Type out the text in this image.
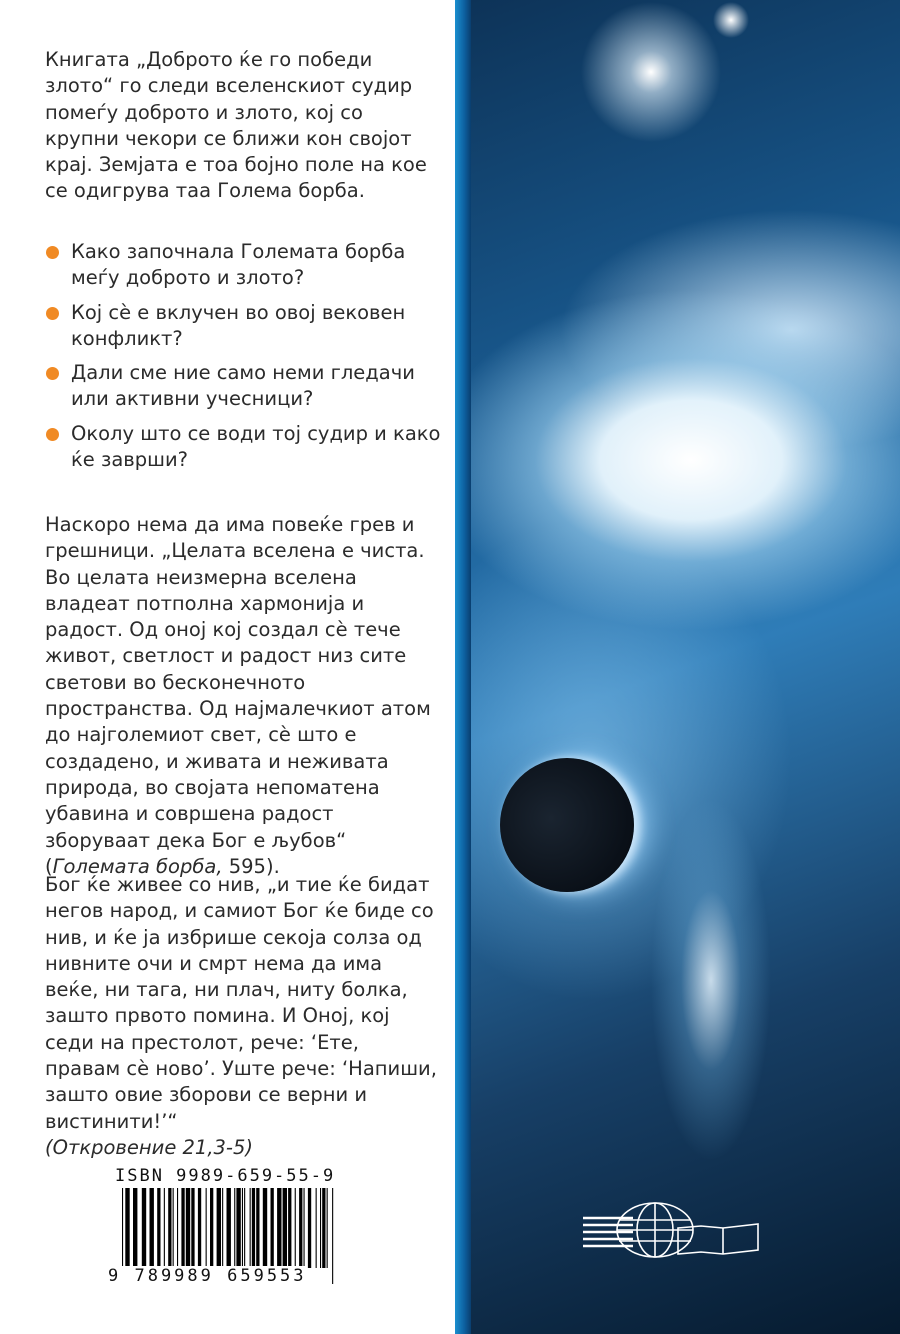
Книгата „Доброто ќе го победи злото“ го следи вселенскиот судир помеѓу доброто и злото, кој со крупни чекори се ближи кон својот крај. Земјата е тоа бојно поле на кое се одигрува таа Голема борба.

Како започнала Големата борба меѓу доброто и злото?
Кој сѐ е вклучен во овој вековен конфликт?
Дали сме ние само неми гледачи или активни учесници?
Околу што се води тој судир и како ќе заврши?

Наскоро нема да има повеќе грев и грешници. „Целата вселена е чиста. Во целата неизмерна вселена владеат потполна хармонија и радост. Од оној кој создал сѐ тече живот, светлост и радост низ сите светови во бесконечното пространства. Од најмалечкиот атом до најголемиот свет, сѐ што е создадено, и живата и неживата природа, во својата непоматена убавина и совршена радост зборуваат дека Бог е љубов“ (Големата борба, 595).

Бог ќе живее со нив, „и тие ќе бидат негов народ, и самиот Бог ќе биде со нив, и ќе ја избрише секоја солза од нивните очи и смрт нема да има веќе, ни тага, ни плач, ниту болка, зашто првото помина. И Оној, кој седи на престолот, рече: ‘Ете, правам сѐ ново’. Уште рече: ‘Напиши, зашто овие зборови се верни и вистинити!’“
(Откровение 21,3-5)

ISBN 9989-659-55-9
9 789989 659553
